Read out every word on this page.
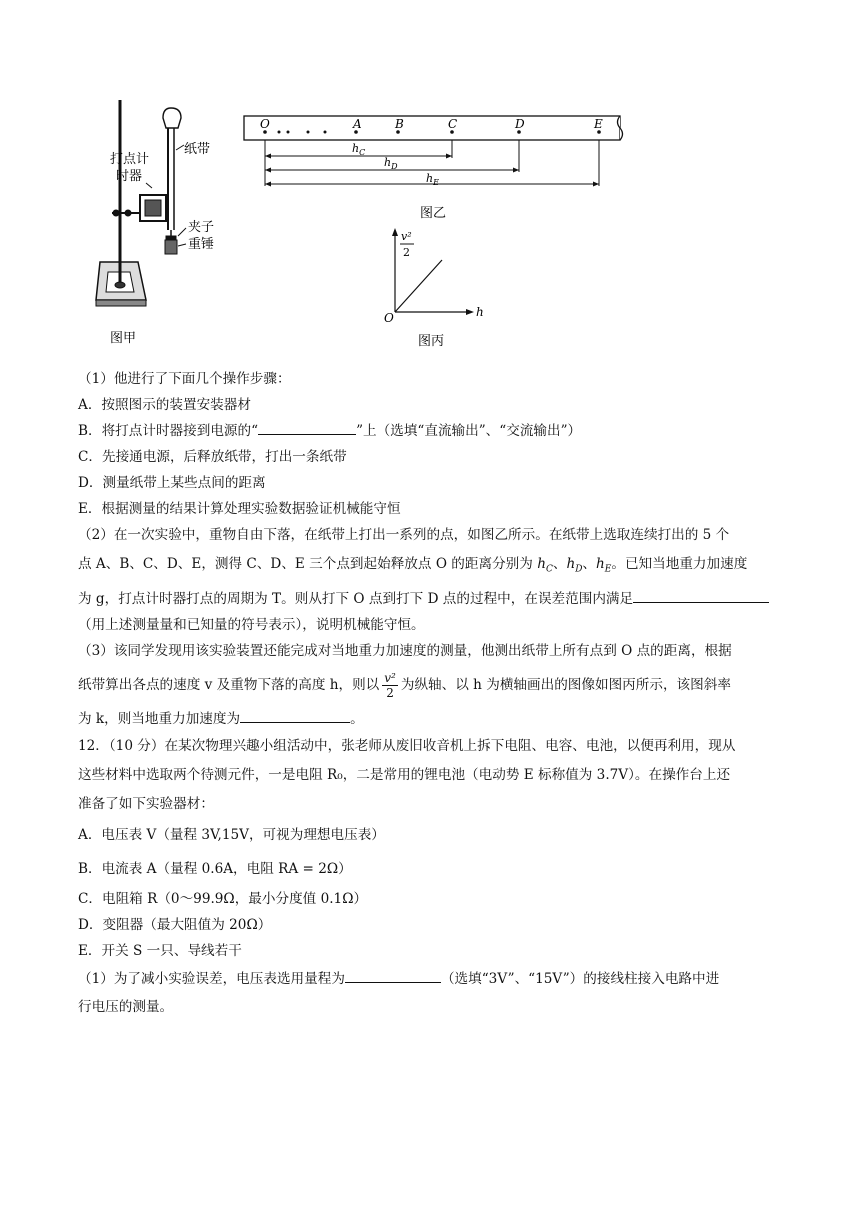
纸带
打点计
时器
夹子
重锤
图甲
O	A	B	C	D	E
$h_C$
$h_D$
$h_E$
图乙
v²
2
h
O
图丙

（1）他进行了下面几个操作步骤：

A．按照图示的装置安装器材

B．将打点计时器接到电源的“	”上（选填“直流输出”、“交流输出”）

C．先接通电源，后释放纸带，打出一条纸带

D．测量纸带上某些点间的距离

E．根据测量的结果计算处理实验数据验证机械能守恒

（2）在一次实验中，重物自由下落，在纸带上打出一系列的点，如图乙所示。在纸带上选取连续打出的 5 个

点 A、B、C、D、E，测得 C、D、E 三个点到起始释放点 O 的距离分别为 $h_C$、$h_D$、$h_E$。已知当地重力加速度

为 g，打点计时器打点的周期为 T。则从打下 O 点到打下 D 点的过程中，在误差范围内满足

（用上述测量量和已知量的符号表示），说明机械能守恒。

（3）该同学发现用该实验装置还能完成对当地重力加速度的测量，他测出纸带上所有点到 O 点的距离，根据

纸带算出各点的速度 v 及重物下落的高度 h，则以 $\frac{\text{v²}}{2}$ 为纵轴、以 h 为横轴画出的图像如图丙所示，该图斜率

为 k，则当地重力加速度为	。

12．（10 分）在某次物理兴趣小组活动中，张老师从废旧收音机上拆下电阻、电容、电池，以便再利用，现从

这些材料中选取两个待测元件，一是电阻 R₀，二是常用的锂电池（电动势 E 标称值为 3.7V）。在操作台上还

准备了如下实验器材：

A．电压表 V（量程 3V,15V，可视为理想电压表）

B．电流表 A（量程 0.6A，电阻 RA = 2Ω）

C．电阻箱 R（0～99.9Ω，最小分度值 0.1Ω）

D．变阻器（最大阻值为 20Ω）

E．开关 S 一只、导线若干

（1）为了减小实验误差，电压表选用量程为	（选填“3V”、“15V”）的接线柱接入电路中进

行电压的测量。
